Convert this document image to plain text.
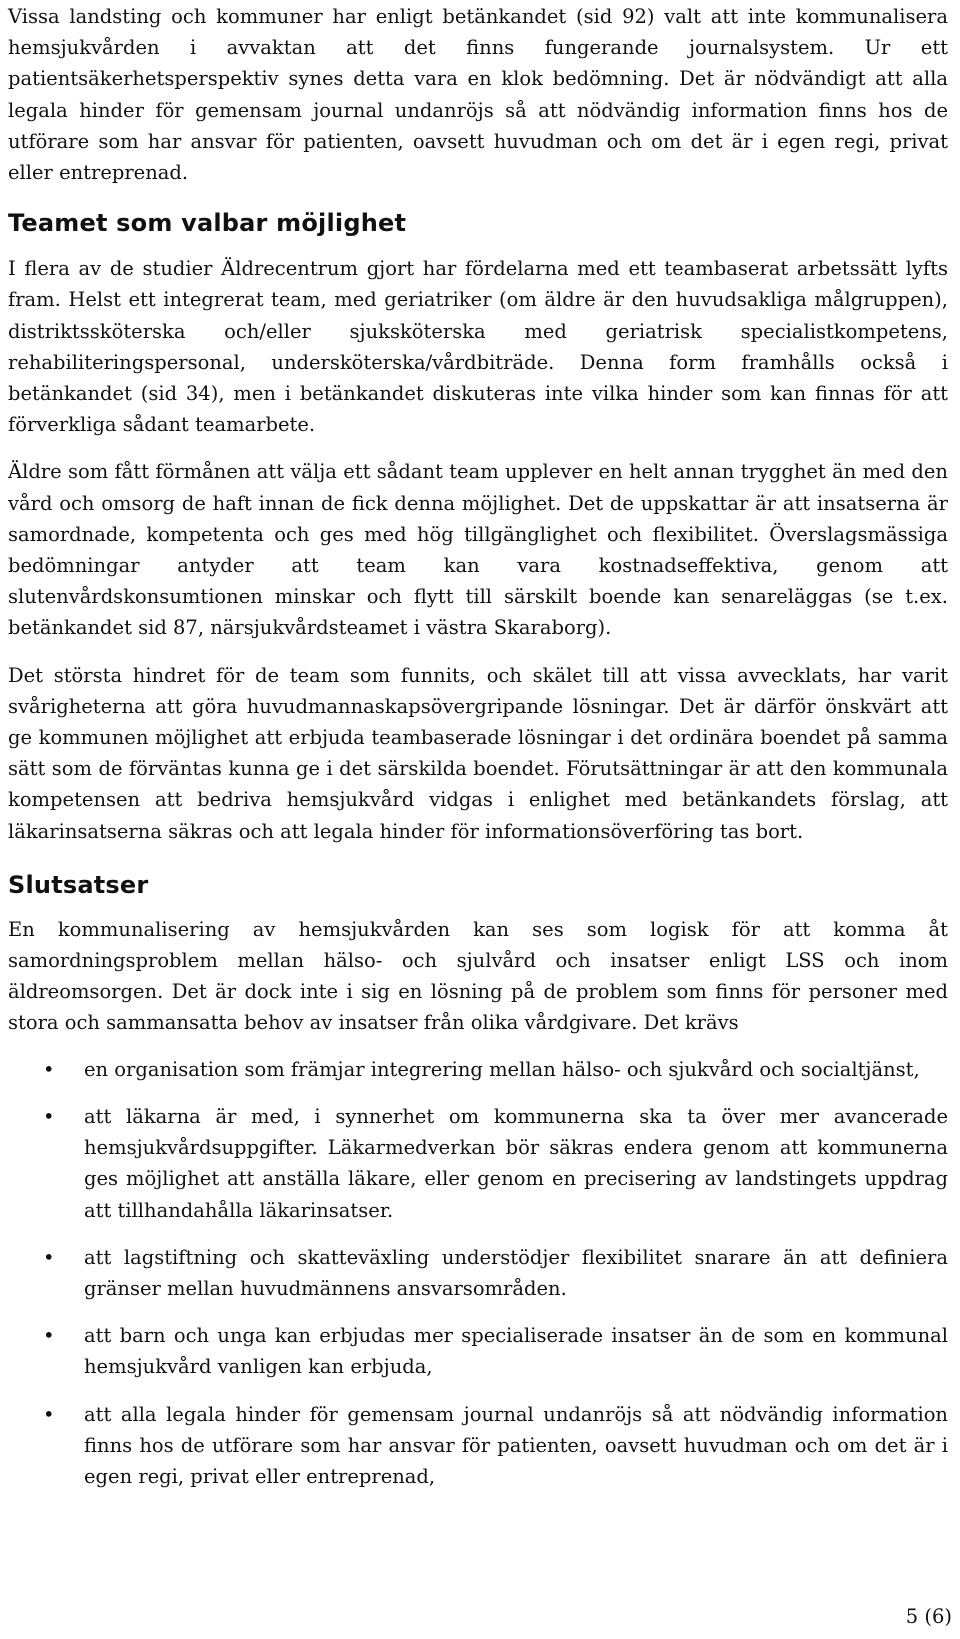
Vissa landsting och kommuner har enligt betänkandet (sid 92) valt att inte kommunalisera hemsjukvården i avvaktan att det finns fungerande journalsystem. Ur ett patientsäkerhetsperspektiv synes detta vara en klok bedömning. Det är nödvändigt att alla legala hinder för gemensam journal undanröjs så att nödvändig information finns hos de utförare som har ansvar för patienten, oavsett huvudman och om det är i egen regi, privat eller entreprenad.

Teamet som valbar möjlighet

I flera av de studier Äldrecentrum gjort har fördelarna med ett teambaserat arbetssätt lyfts fram. Helst ett integrerat team, med geriatriker (om äldre är den huvudsakliga målgruppen), distriktssköterska och/eller sjuksköterska med geriatrisk specialistkompetens, rehabiliteringspersonal, undersköterska/vårdbiträde. Denna form framhålls också i betänkandet (sid 34), men i betänkandet diskuteras inte vilka hinder som kan finnas för att förverkliga sådant teamarbete.

Äldre som fått förmånen att välja ett sådant team upplever en helt annan trygghet än med den vård och omsorg de haft innan de fick denna möjlighet. Det de uppskattar är att insatserna är samordnade, kompetenta och ges med hög tillgänglighet och flexibilitet. Överslagsmässiga bedömningar antyder att team kan vara kostnadseffektiva, genom att slutenvårdskonsumtionen minskar och flytt till särskilt boende kan senareläggas (se t.ex. betänkandet sid 87, närsjukvårdsteamet i västra Skaraborg).

Det största hindret för de team som funnits, och skälet till att vissa avvecklats, har varit svårigheterna att göra huvudmannaskapsövergripande lösningar. Det är därför önskvärt att ge kommunen möjlighet att erbjuda teambaserade lösningar i det ordinära boendet på samma sätt som de förväntas kunna ge i det särskilda boendet. Förutsättningar är att den kommunala kompetensen att bedriva hemsjukvård vidgas i enlighet med betänkandets förslag, att läkarinsatserna säkras och att legala hinder för informationsöverföring tas bort.

Slutsatser

En kommunalisering av hemsjukvården kan ses som logisk för att komma åt samordningsproblem mellan hälso- och sjulvård och insatser enligt LSS och inom äldreomsorgen. Det är dock inte i sig en lösning på de problem som finns för personer med stora och sammansatta behov av insatser från olika vårdgivare. Det krävs

• en organisation som främjar integrering mellan hälso- och sjukvård och socialtjänst,

• att läkarna är med, i synnerhet om kommunerna ska ta över mer avancerade hemsjukvårdsuppgifter. Läkarmedverkan bör säkras endera genom att kommunerna ges möjlighet att anställa läkare, eller genom en precisering av landstingets uppdrag att tillhandahålla läkarinsatser.

• att lagstiftning och skatteväxling understödjer flexibilitet snarare än att definiera gränser mellan huvudmännens ansvarsområden.

• att barn och unga kan erbjudas mer specialiserade insatser än de som en kommunal hemsjukvård vanligen kan erbjuda,

• att alla legala hinder för gemensam journal undanröjs så att nödvändig information finns hos de utförare som har ansvar för patienten, oavsett huvudman och om det är i egen regi, privat eller entreprenad,

5 (6)
